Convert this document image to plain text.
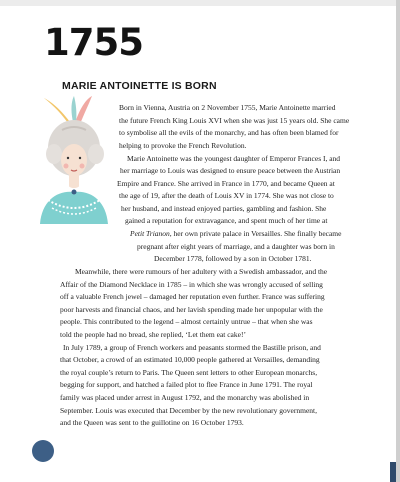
1755
MARIE ANTOINETTE IS BORN
Born in Vienna, Austria on 2 November 1755, Marie Antoinette married
the future French King Louis XVI when she was just 15 years old. She came
to symbolise all the evils of the monarchy, and has often been blamed for
helping to provoke the French Revolution.
Marie Antoinette was the youngest daughter of Emperor Frances I, and
her marriage to Louis was designed to ensure peace between the Austrian
Empire and France. She arrived in France in 1770, and became Queen at
the age of 19, after the death of Louis XV in 1774. She was not close to
her husband, and instead enjoyed parties, gambling and fashion. She
gained a reputation for extravagance, and spent much of her time at
Petit Trianon, her own private palace in Versailles. She finally became
pregnant after eight years of marriage, and a daughter was born in
December 1778, followed by a son in October 1781.
Meanwhile, there were rumours of her adultery with a Swedish ambassador, and the
Affair of the Diamond Necklace in 1785 – in which she was wrongly accused of selling
off a valuable French jewel – damaged her reputation even further. France was suffering
poor harvests and financial chaos, and her lavish spending made her unpopular with the
people. This contributed to the legend – almost certainly untrue – that when she was
told the people had no bread, she replied, ‘Let them eat cake!’
In July 1789, a group of French workers and peasants stormed the Bastille prison, and
that October, a crowd of an estimated 10,000 people gathered at Versailles, demanding
the royal couple’s return to Paris. The Queen sent letters to other European monarchs,
begging for support, and hatched a failed plot to flee France in June 1791. The royal
family was placed under arrest in August 1792, and the monarchy was abolished in
September. Louis was executed that December by the new revolutionary government,
and the Queen was sent to the guillotine on 16 October 1793.
